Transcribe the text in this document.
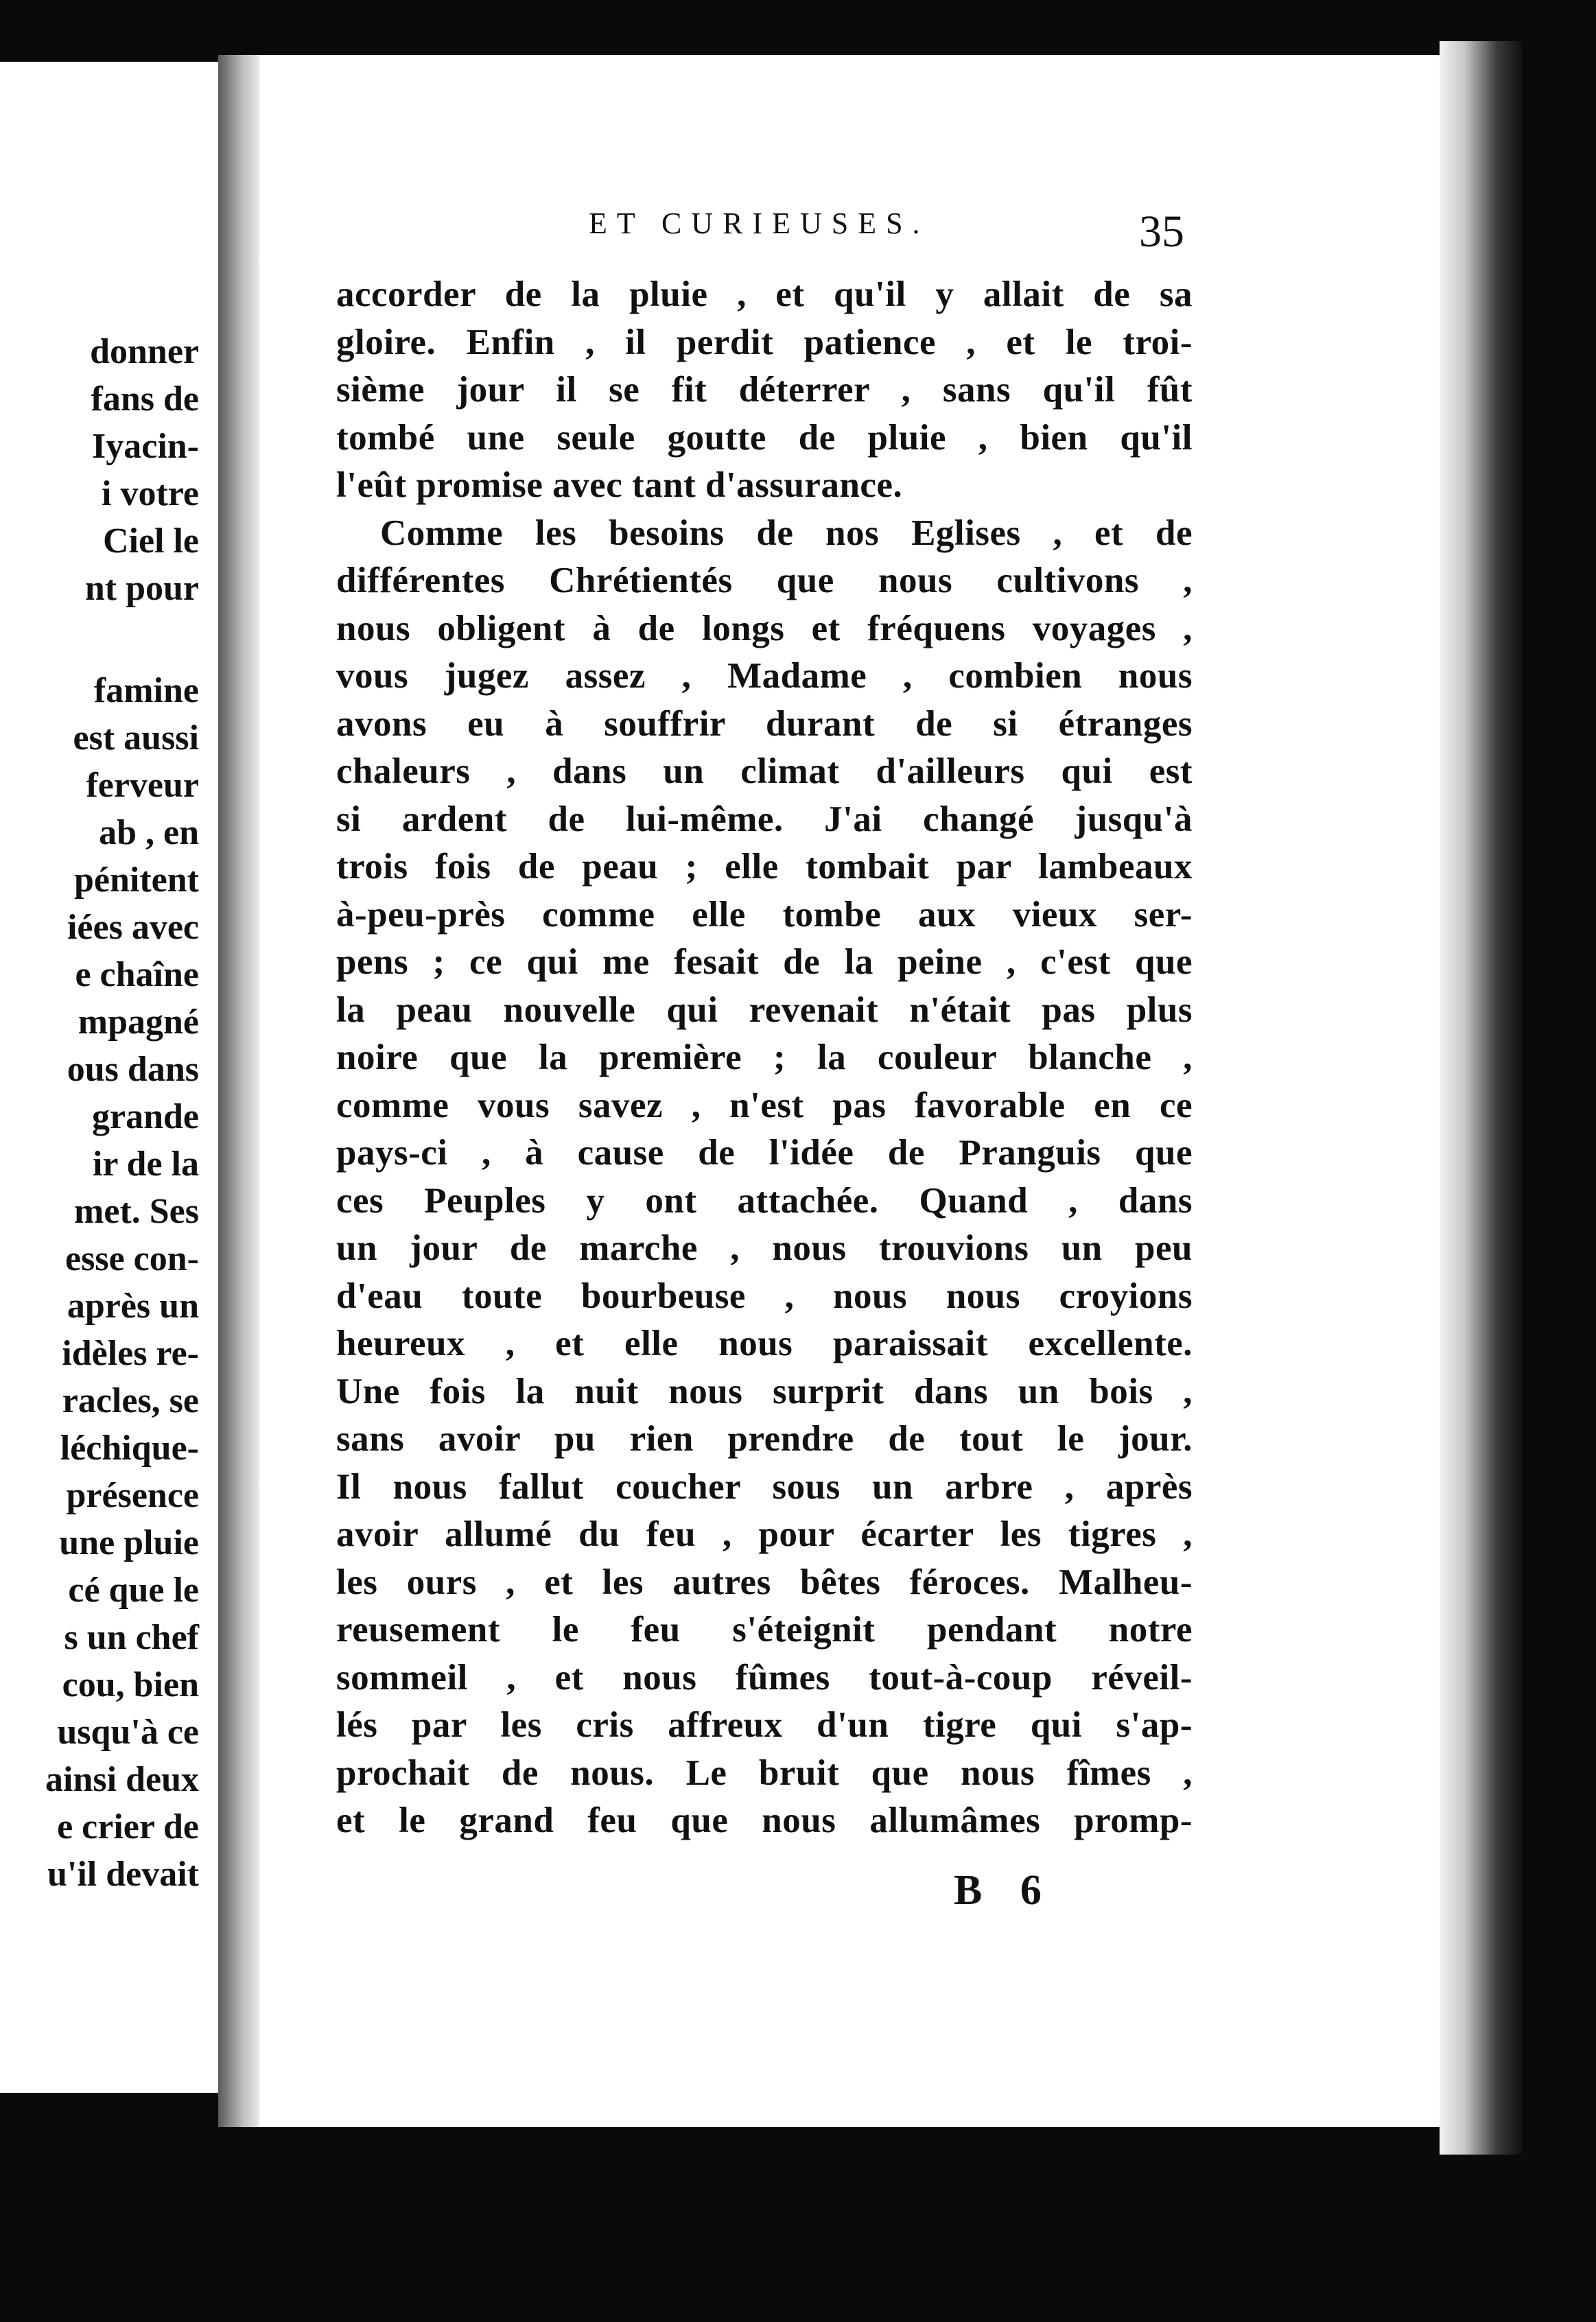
donner
fans de
Iyacin-
i votre
Ciel le
nt pour
famine
est aussi
ferveur
ab , en
pénitent
iées avec
e chaîne
mpagné
ous dans
grande
ir de la
met. Ses
esse con-
après un
idèles re-
racles, se
léchique-
présence
une pluie
cé que le
s un chef
cou, bien
usqu'à ce
ainsi deux
e crier de
u'il devait
ET CURIEUSES.	35
accorder de la pluie , et qu'il y allait de sa
gloire. Enfin , il perdit patience , et le troi-
sième jour il se fit déterrer , sans qu'il fût
tombé une seule goutte de pluie , bien qu'il
l'eût promise avec tant d'assurance.
Comme les besoins de nos Eglises , et de
différentes Chrétientés que nous cultivons ,
nous obligent à de longs et fréquens voyages ,
vous jugez assez , Madame , combien nous
avons eu à souffrir durant de si étranges
chaleurs , dans un climat d'ailleurs qui est
si ardent de lui-même. J'ai changé jusqu'à
trois fois de peau ; elle tombait par lambeaux
à-peu-près comme elle tombe aux vieux ser-
pens ; ce qui me fesait de la peine , c'est que
la peau nouvelle qui revenait n'était pas plus
noire que la première ; la couleur blanche ,
comme vous savez , n'est pas favorable en ce
pays-ci , à cause de l'idée de Pranguis que
ces Peuples y ont attachée. Quand , dans
un jour de marche , nous trouvions un peu
d'eau toute bourbeuse , nous nous croyions
heureux , et elle nous paraissait excellente.
Une fois la nuit nous surprit dans un bois ,
sans avoir pu rien prendre de tout le jour.
Il nous fallut coucher sous un arbre , après
avoir allumé du feu , pour écarter les tigres ,
les ours , et les autres bêtes féroces. Malheu-
reusement le feu s'éteignit pendant notre
sommeil , et nous fûmes tout-à-coup réveil-
lés par les cris affreux d'un tigre qui s'ap-
prochait de nous. Le bruit que nous fîmes ,
et le grand feu que nous allumâmes promp-
B 6
